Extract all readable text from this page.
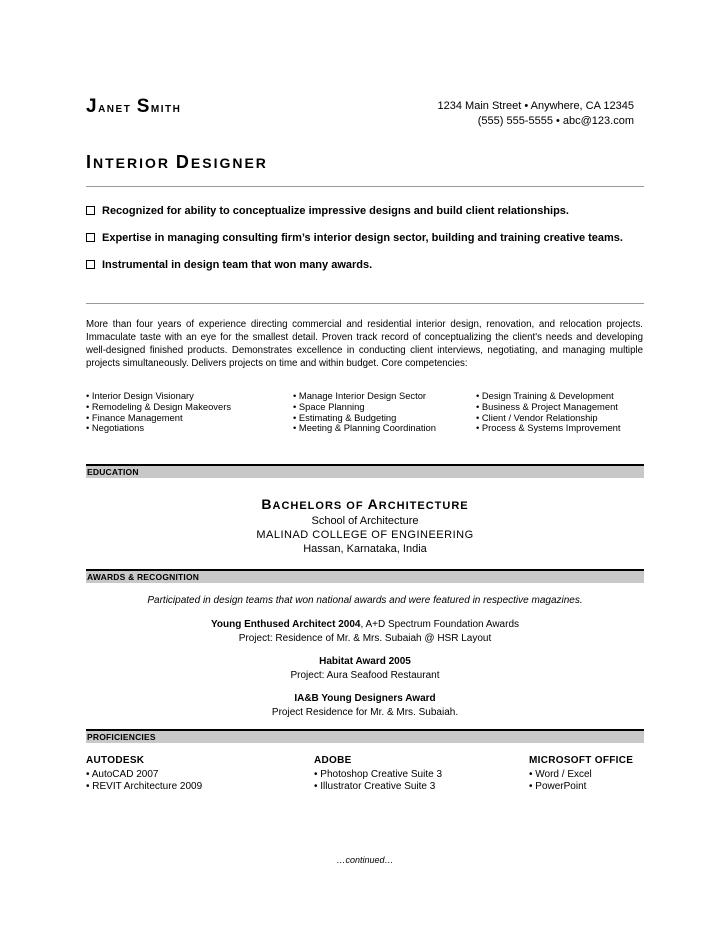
Janet Smith	1234 Main Street • Anywhere, CA 12345
(555) 555-5555 • abc@123.com
INTERIOR DESIGNER
Recognized for ability to conceptualize impressive designs and build client relationships.
Expertise in managing consulting firm’s interior design sector, building and training creative teams.
Instrumental in design team that won many awards.
More than four years of experience directing commercial and residential interior design, renovation, and relocation projects. Immaculate taste with an eye for the smallest detail. Proven track record of conceptualizing the client's needs and developing well-designed finished products. Demonstrates excellence in conducting client interviews, negotiating, and managing multiple projects simultaneously. Delivers projects on time and within budget. Core competencies:
• Interior Design Visionary
• Remodeling & Design Makeovers
• Finance Management
• Negotiations
• Manage Interior Design Sector
• Space Planning
• Estimating & Budgeting
• Meeting & Planning Coordination
• Design Training & Development
• Business & Project Management
• Client / Vendor Relationship
• Process & Systems Improvement
EDUCATION
BACHELORS OF ARCHITECTURE
School of Architecture
MALINAD COLLEGE OF ENGINEERING
Hassan, Karnataka, India
AWARDS & RECOGNITION
Participated in design teams that won national awards and were featured in respective magazines.
Young Enthused Architect 2004, A+D Spectrum Foundation Awards
Project: Residence of Mr. & Mrs. Subaiah @ HSR Layout
Habitat Award 2005
Project: Aura Seafood Restaurant
IA&B Young Designers Award
Project Residence for Mr. & Mrs. Subaiah.
PROFICIENCIES
AUTODESK
• AutoCAD 2007
• REVIT Architecture 2009
ADOBE
• Photoshop Creative Suite 3
• Illustrator Creative Suite 3
MICROSOFT OFFICE
• Word / Excel
• PowerPoint
…continued…
